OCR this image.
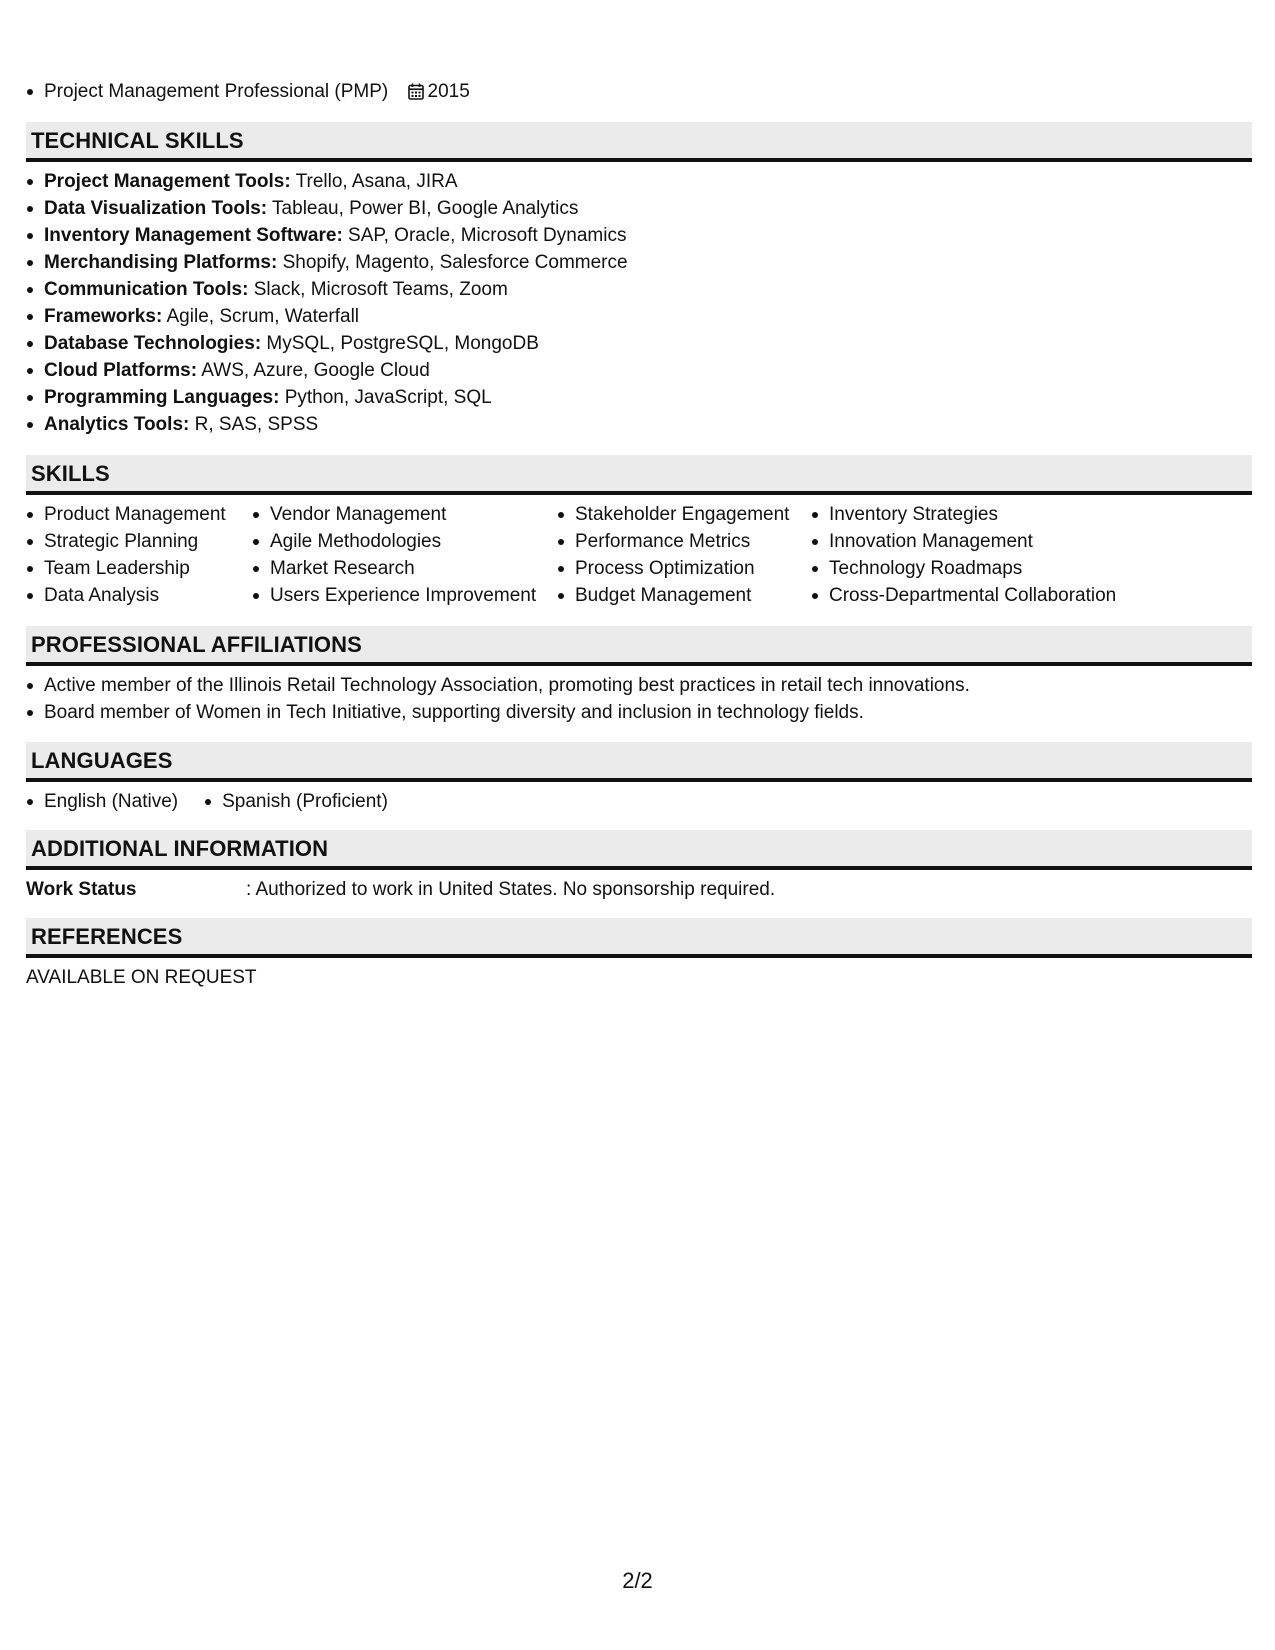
Project Management Professional (PMP) 2015
TECHNICAL SKILLS
Project Management Tools: Trello, Asana, JIRA
Data Visualization Tools: Tableau, Power BI, Google Analytics
Inventory Management Software: SAP, Oracle, Microsoft Dynamics
Merchandising Platforms: Shopify, Magento, Salesforce Commerce
Communication Tools: Slack, Microsoft Teams, Zoom
Frameworks: Agile, Scrum, Waterfall
Database Technologies: MySQL, PostgreSQL, MongoDB
Cloud Platforms: AWS, Azure, Google Cloud
Programming Languages: Python, JavaScript, SQL
Analytics Tools: R, SAS, SPSS
SKILLS
Product Management
Strategic Planning
Team Leadership
Data Analysis
Vendor Management
Agile Methodologies
Market Research
Users Experience Improvement
Stakeholder Engagement
Performance Metrics
Process Optimization
Budget Management
Inventory Strategies
Innovation Management
Technology Roadmaps
Cross-Departmental Collaboration
PROFESSIONAL AFFILIATIONS
Active member of the Illinois Retail Technology Association, promoting best practices in retail tech innovations.
Board member of Women in Tech Initiative, supporting diversity and inclusion in technology fields.
LANGUAGES
English (Native)	Spanish (Proficient)
ADDITIONAL INFORMATION
Work Status	: Authorized to work in United States. No sponsorship required.
REFERENCES
AVAILABLE ON REQUEST
2/2
